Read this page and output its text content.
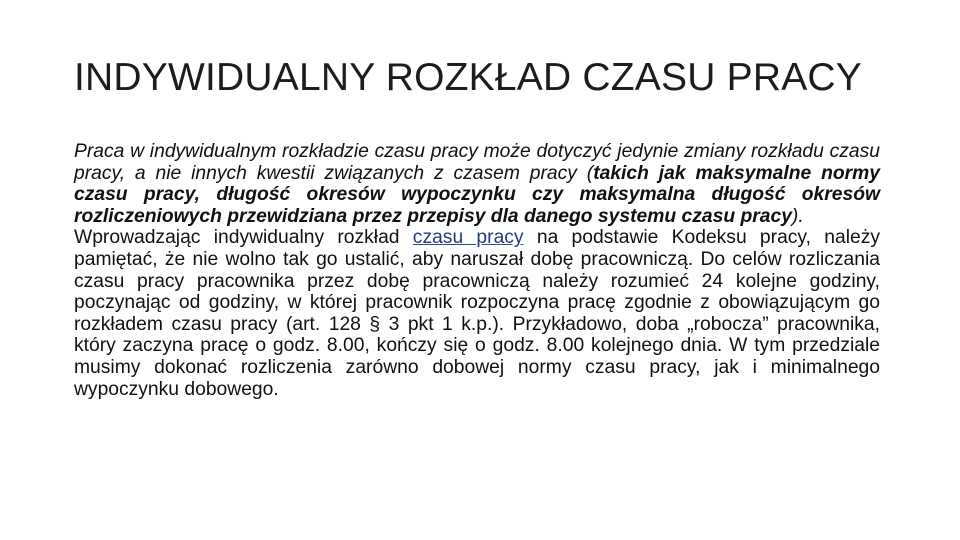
INDYWIDUALNY ROZKŁAD CZASU PRACY

Praca w indywidualnym rozkładzie czasu pracy może dotyczyć jedynie zmiany rozkładu czasu pracy, a nie innych kwestii związanych z czasem pracy (takich jak maksymalne normy czasu pracy, długość okresów wypoczynku czy maksymalna długość okresów rozliczeniowych przewidziana przez przepisy dla danego systemu czasu pracy).

Wprowadzając indywidualny rozkład czasu pracy na podstawie Kodeksu pracy, należy pamiętać, że nie wolno tak go ustalić, aby naruszał dobę pracowniczą. Do celów rozliczania czasu pracy pracownika przez dobę pracowniczą należy rozumieć 24 kolejne godziny, poczynając od godziny, w której pracownik rozpoczyna pracę zgodnie z obowiązującym go rozkładem czasu pracy (art. 128 § 3 pkt 1 k.p.). Przykładowo, doba „robocza” pracownika, który zaczyna pracę o godz. 8.00, kończy się o godz. 8.00 kolejnego dnia. W tym przedziale musimy dokonać rozliczenia zarówno dobowej normy czasu pracy, jak i minimalnego wypoczynku dobowego.
